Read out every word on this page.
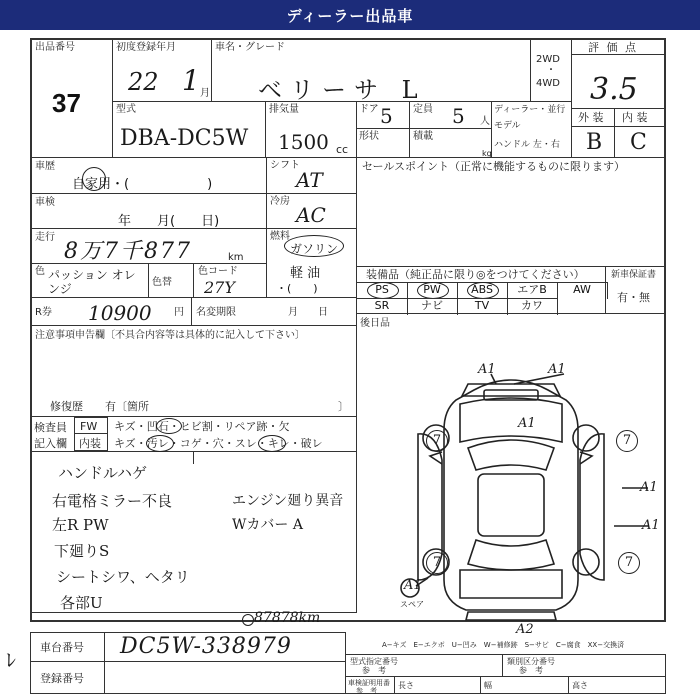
ディーラー出品車
出品番号
37
初度登録年月
22 1 月
車名・グレード
ベリーサ L
2WD
・
4WD
評 価 点
3.5
外 装 内 装
B C
型式
DBA-DC5W
排気量
1500 cc
ドア 5 定員 5 人
形状	積載
kg
ディーラー・並行
モデル
ハンドル 左・右
車歴
自家用・(　　　　　　)
シフト
AT
車検
年　　月(　　日)
冷房
AC
走行
8万7千877	km
燃料
ガソリン
軽 油
・(　　)
色 パッション オレンジ	色替
色コード
27Y
R券 10900 円 名変期限	月　　日
注意事項申告欄〔不具合内容等は具体的に記入して下さい〕
修復歴　　有〔箇所	〕
検査員
記入欄
FW キズ・凹石・ヒビ割・リペア跡・欠
内装 キズ・汚レ・コゲ・穴・スレ・キレ・破レ
ハンドルハゲ
右電格ミラー不良
左R PW
下廻りS
シートシワ、ヘタリ
各部U
エンジン廻り異音
Wカバー A
セールスポイント（正常に機能するものに限ります）
装備品（純正品に限り◎をつけてください）
PS	PW	ABS	エアB	AW
SR	ナビ	TV	カワ
新車保証書
有・無
後日品
A1	A1
A1
A1
A1
A1
A2
7	7
7	7
スペア
A−キズ　E−エクボ　U−凹み　W−補修跡　S−サビ　C−腐食　XX−交換済
87878km
車台番号 DC5W-338979
ﾚ
登録番号
型式指定番号
参　考
類別区分番号
参　考
車検証明用番
参　考
長さ	幅	高さ
